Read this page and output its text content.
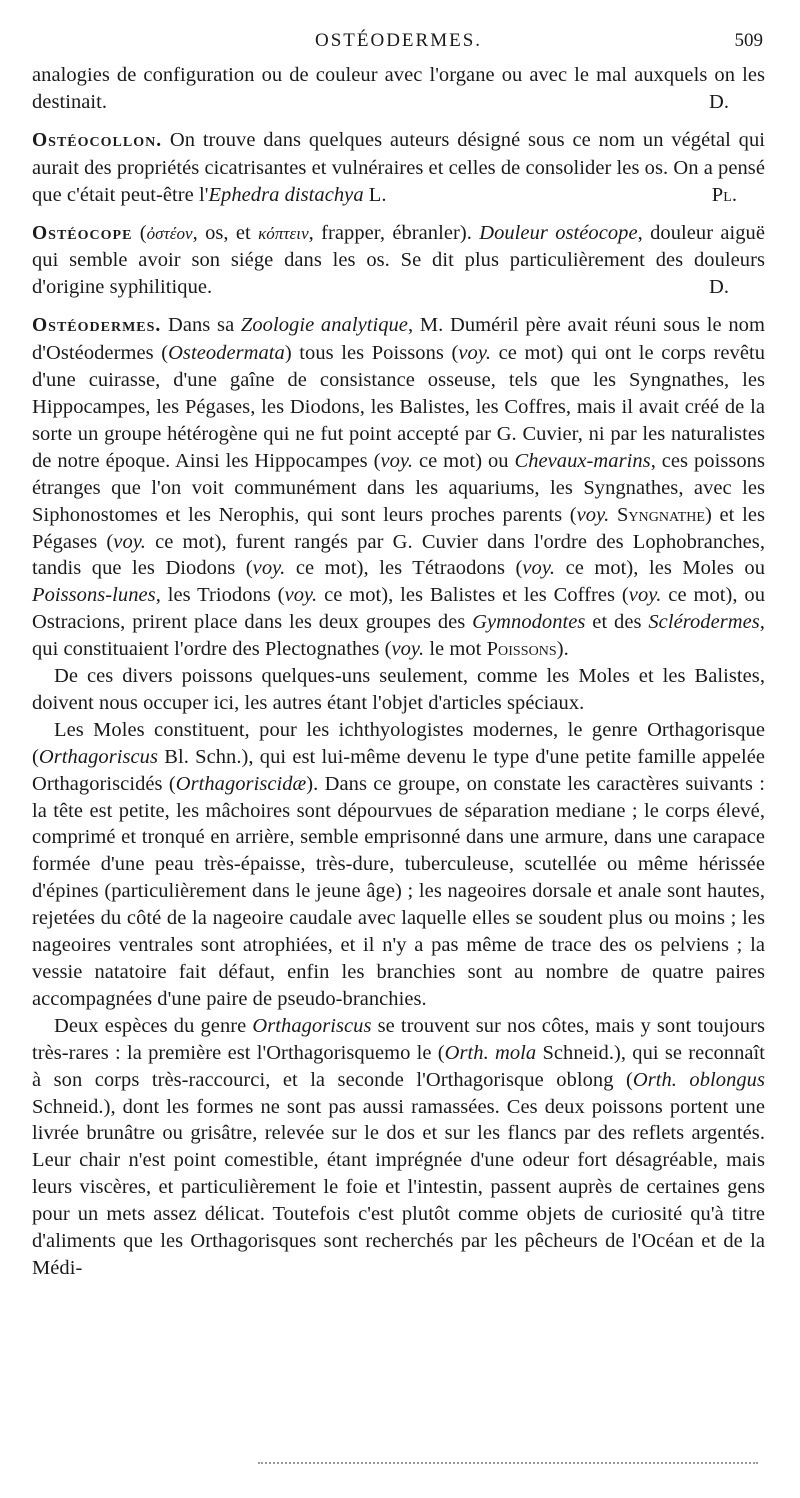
OSTÉODERMES.	509

analogies de configuration ou de couleur avec l'organe ou avec le mal auxquels on les destinait.	D.

Ostéocollon. On trouve dans quelques auteurs désigné sous ce nom un végétal qui aurait des propriétés cicatrisantes et vulnéraires et celles de consolider les os. On a pensé que c'était peut-être l'Ephedra distachya L.	Pl.

Ostéocope (ὀστέον, os, et κόπτειν, frapper, ébranler). Douleur ostéocope, douleur aiguë qui semble avoir son siége dans les os. Se dit plus particulièrement des douleurs d'origine syphilitique.	D.

Ostéodermes. Dans sa Zoologie analytique, M. Duméril père avait réuni sous le nom d'Ostéodermes (Osteodermata) tous les Poissons (voy. ce mot) qui ont le corps revêtu d'une cuirasse, d'une gaîne de consistance osseuse, tels que les Syngnathes, les Hippocampes, les Pégases, les Diodons, les Balistes, les Coffres, mais il avait créé de la sorte un groupe hétérogène qui ne fut point accepté par G. Cuvier, ni par les naturalistes de notre époque. Ainsi les Hippocampes (voy. ce mot) ou Chevaux-marins, ces poissons étranges que l'on voit communément dans les aquariums, les Syngnathes, avec les Siphonostomes et les Nerophis, qui sont leurs proches parents (voy. Syngnathe) et les Pégases (voy. ce mot), furent rangés par G. Cuvier dans l'ordre des Lophobranches, tandis que les Diodons (voy. ce mot), les Tétraodons (voy. ce mot), les Moles ou Poissons-lunes, les Triodons (voy. ce mot), les Balistes et les Coffres (voy. ce mot), ou Ostracions, prirent place dans les deux groupes des Gymnodontes et des Sclérodermes, qui constituaient l'ordre des Plectognathes (voy. le mot Poissons).

De ces divers poissons quelques-uns seulement, comme les Moles et les Balistes, doivent nous occuper ici, les autres étant l'objet d'articles spéciaux.

Les Moles constituent, pour les ichthyologistes modernes, le genre Orthagorisque (Orthagoriscus Bl. Schn.), qui est lui-même devenu le type d'une petite famille appelée Orthagoriscidés (Orthagoriscidæ). Dans ce groupe, on constate les caractères suivants : la tête est petite, les mâchoires sont dépourvues de séparation mediane ; le corps élevé, comprimé et tronqué en arrière, semble emprisonné dans une armure, dans une carapace formée d'une peau très-épaisse, très-dure, tuberculeuse, scutellée ou même hérissée d'épines (particulièrement dans le jeune âge) ; les nageoires dorsale et anale sont hautes, rejetées du côté de la nageoire caudale avec laquelle elles se soudent plus ou moins ; les nageoires ventrales sont atrophiées, et il n'y a pas même de trace des os pelviens ; la vessie natatoire fait défaut, enfin les branchies sont au nombre de quatre paires accompagnées d'une paire de pseudo-branchies.

Deux espèces du genre Orthagoriscus se trouvent sur nos côtes, mais y sont toujours très-rares : la première est l'Orthagorisquemo le (Orth. mola Schneid.), qui se reconnaît à son corps très-raccourci, et la seconde l'Orthagorisque oblong (Orth. oblongus Schneid.), dont les formes ne sont pas aussi ramassées. Ces deux poissons portent une livrée brunâtre ou grisâtre, relevée sur le dos et sur les flancs par des reflets argentés. Leur chair n'est point comestible, étant imprégnée d'une odeur fort désagréable, mais leurs viscères, et particulièrement le foie et l'intestin, passent auprès de certaines gens pour un mets assez délicat. Toutefois c'est plutôt comme objets de curiosité qu'à titre d'aliments que les Orthagorisques sont recherchés par les pêcheurs de l'Océan et de la Médi-
